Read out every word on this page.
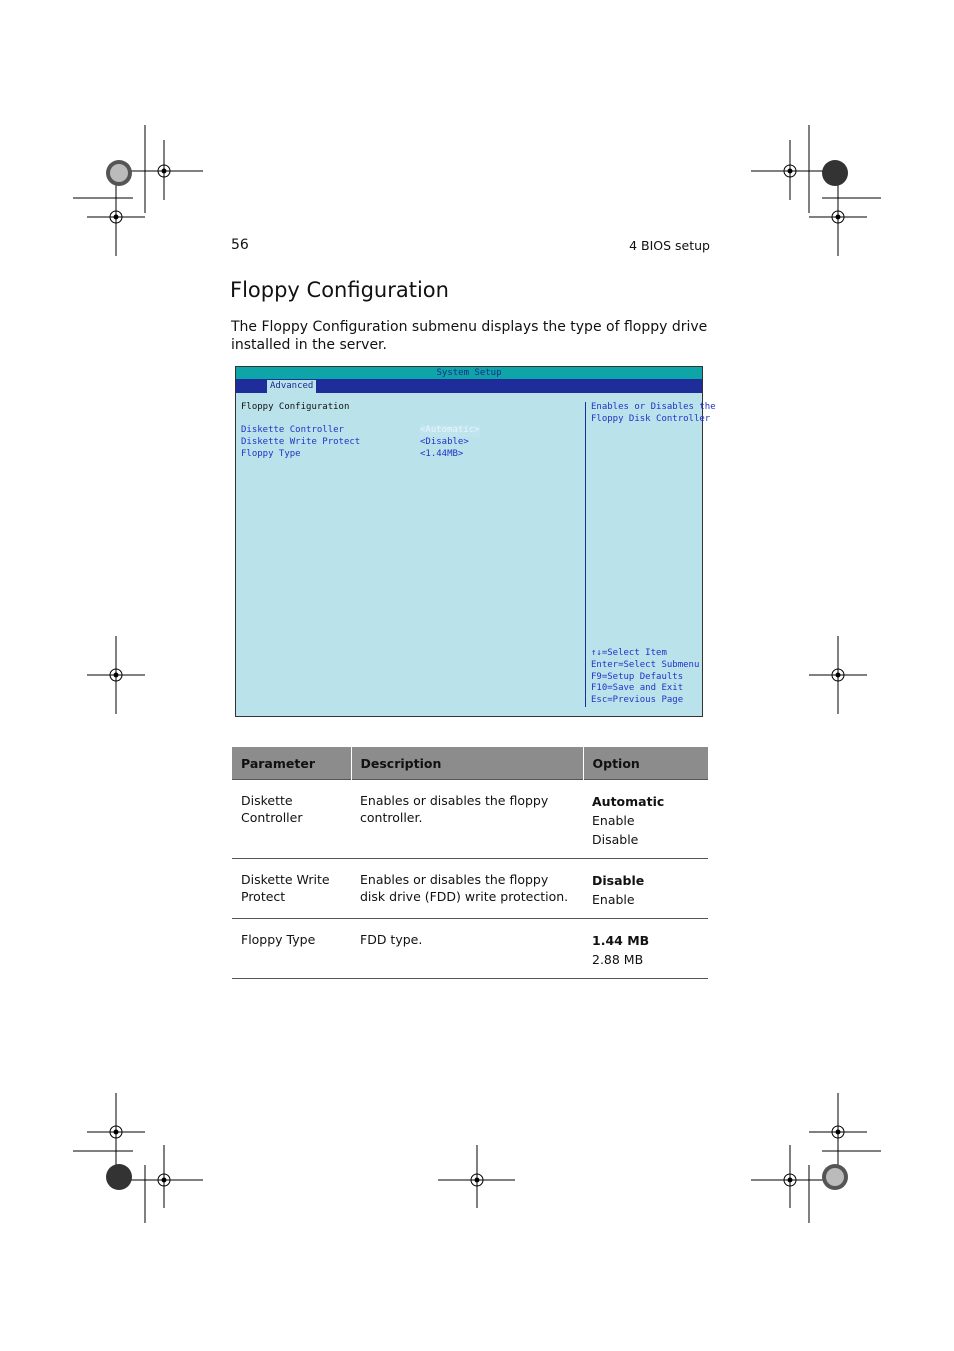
56	4 BIOS setup
Floppy Configuration
The Floppy Configuration submenu displays the type of floppy drive installed in the server.
System Setup
Advanced
Floppy Configuration
Diskette Controller	<Automatic>
Diskette Write Protect	<Disable>
Floppy Type	<1.44MB>
Enables or Disables the
Floppy Disk Controller
↑↓=Select Item
Enter=Select Submenu
F9=Setup Defaults
F10=Save and Exit
Esc=Previous Page
Parameter	Description	Option
Diskette Controller	Enables or disables the floppy controller.	Automatic
Enable
Disable

Diskette Write Protect	Enables or disables the floppy disk drive (FDD) write protection.	Disable
Enable

Floppy Type	FDD type.	1.44 MB
2.88 MB
